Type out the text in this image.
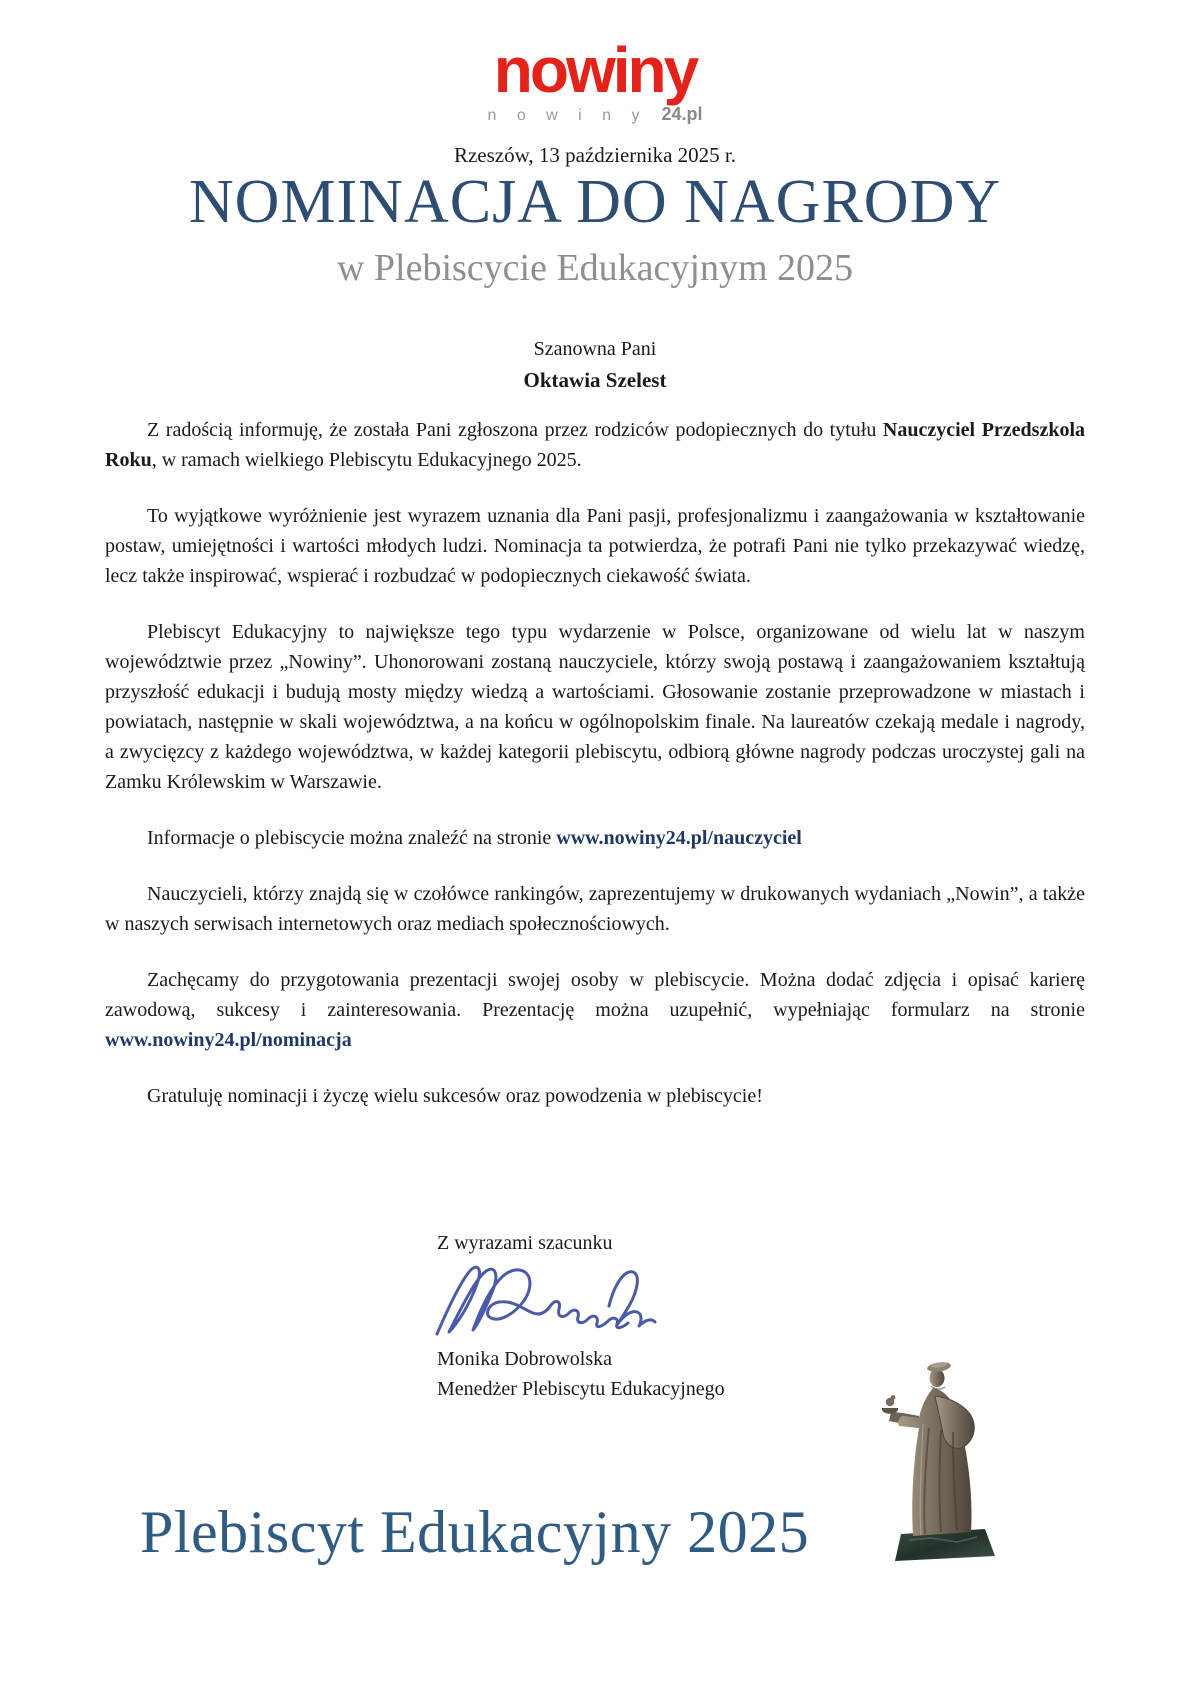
nowiny
n o w i n y 24.pl
Rzeszów, 13 października 2025 r.
NOMINACJA DO NAGRODY
w Plebiscycie Edukacyjnym 2025
Szanowna Pani
Oktawia Szelest

Z radością informuję, że została Pani zgłoszona przez rodziców podopiecznych do tytułu Nauczyciel Przedszkola Roku, w ramach wielkiego Plebiscytu Edukacyjnego 2025.

To wyjątkowe wyróżnienie jest wyrazem uznania dla Pani pasji, profesjonalizmu i zaangażowania w kształtowanie postaw, umiejętności i wartości młodych ludzi. Nominacja ta potwierdza, że potrafi Pani nie tylko przekazywać wiedzę, lecz także inspirować, wspierać i rozbudzać w podopiecznych ciekawość świata.

Plebiscyt Edukacyjny to największe tego typu wydarzenie w Polsce, organizowane od wielu lat w naszym województwie przez „Nowiny”. Uhonorowani zostaną nauczyciele, którzy swoją postawą i zaangażowaniem kształtują przyszłość edukacji i budują mosty między wiedzą a wartościami. Głosowanie zostanie przeprowadzone w miastach i powiatach, następnie w skali województwa, a na końcu w ogólnopolskim finale. Na laureatów czekają medale i nagrody, a zwycięzcy z każdego województwa, w każdej kategorii plebiscytu, odbiorą główne nagrody podczas uroczystej gali na Zamku Królewskim w Warszawie.

Informacje o plebiscycie można znaleźć na stronie www.nowiny24.pl/nauczyciel

Nauczycieli, którzy znajdą się w czołówce rankingów, zaprezentujemy w drukowanych wydaniach „Nowin”, a także w naszych serwisach internetowych oraz mediach społecznościowych.

Zachęcamy do przygotowania prezentacji swojej osoby w plebiscycie. Można dodać zdjęcia i opisać karierę zawodową, sukcesy i zainteresowania. Prezentację można uzupełnić, wypełniając formularz na stronie www.nowiny24.pl/nominacja

Gratuluję nominacji i życzę wielu sukcesów oraz powodzenia w plebiscycie!

Z wyrazami szacunku
Monika Dobrowolska
Menedżer Plebiscytu Edukacyjnego
Plebiscyt Edukacyjny 2025
